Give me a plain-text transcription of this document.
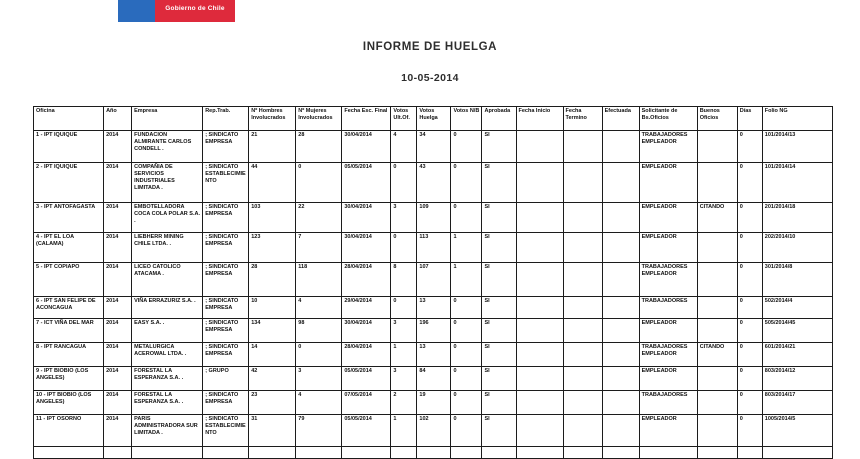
Gobierno de Chile
INFORME DE HUELGA
10-05-2014
Oficina	Año	Empresa	Rep.Trab.	Nº Hombres Involucrados	Nº Mujeres Involucrados	Fecha Esc. Final	Votos Ult.Of.	Votos Huelga	Votos N/B	Aprobada	Fecha Inicio	Fecha Termino	Efectuada	Solicitante de Bs.Oficios	Buenos Oficios	Días	Folio NG
1 - IPT IQUIQUE	2014	FUNDACION ALMIRANTE CARLOS CONDELL .	; SINDICATO EMPRESA	21	28	30/04/2014	4	34	0	SI				TRABAJADORES EMPLEADOR		0	101/2014/13
2 - IPT IQUIQUE	2014	COMPAÑIA DE SERVICIOS INDUSTRIALES LIMITADA .	; SINDICATO ESTABLECIMIENTO	44	0	05/05/2014	0	43	0	SI				EMPLEADOR		0	101/2014/14
3 - IPT ANTOFAGASTA	2014	EMBOTELLADORA COCA COLA POLAR S.A. .	; SINDICATO EMPRESA	103	22	30/04/2014	3	109	0	SI				EMPLEADOR	CITANDO	0	201/2014/18
4 - IPT EL LOA (CALAMA)	2014	LIEBHERR MINING CHILE LTDA. .	; SINDICATO EMPRESA	123	7	30/04/2014	0	113	1	SI				EMPLEADOR		0	202/2014/10
5 - IPT COPIAPO	2014	LICEO CATOLICO ATACAMA .	; SINDICATO EMPRESA	28	118	28/04/2014	8	107	1	SI				TRABAJADORES EMPLEADOR		0	301/2014/8
6 - IPT SAN FELIPE DE ACONCAGUA	2014	VIÑA ERRAZURIZ S.A. .	; SINDICATO EMPRESA	10	4	29/04/2014	0	13	0	SI				TRABAJADORES		0	502/2014/4
7 - ICT VIÑA DEL MAR	2014	EASY S.A. .	; SINDICATO EMPRESA	134	98	30/04/2014	3	196	0	SI				EMPLEADOR		0	505/2014/45
8 - IPT RANCAGUA	2014	METALURGICA ACEROWAL LTDA. .	; SINDICATO EMPRESA	14	0	28/04/2014	1	13	0	SI				TRABAJADORES EMPLEADOR	CITANDO	0	601/2014/21
9 - IPT BIOBIO (LOS ANGELES)	2014	FORESTAL LA ESPERANZA S.A. .	; GRUPO	42	3	05/05/2014	3	84	0	SI				EMPLEADOR		0	803/2014/12
10 - IPT BIOBIO (LOS ANGELES)	2014	FORESTAL LA ESPERANZA S.A. .	; SINDICATO EMPRESA	23	4	07/05/2014	2	19	0	SI				TRABAJADORES		0	803/2014/17
11 - IPT OSORNO	2014	PARIS ADMINISTRADORA SUR LIMITADA .	; SINDICATO ESTABLECIMIENTO	31	79	05/05/2014	1	102	0	SI				EMPLEADOR		0	1005/2014/5
